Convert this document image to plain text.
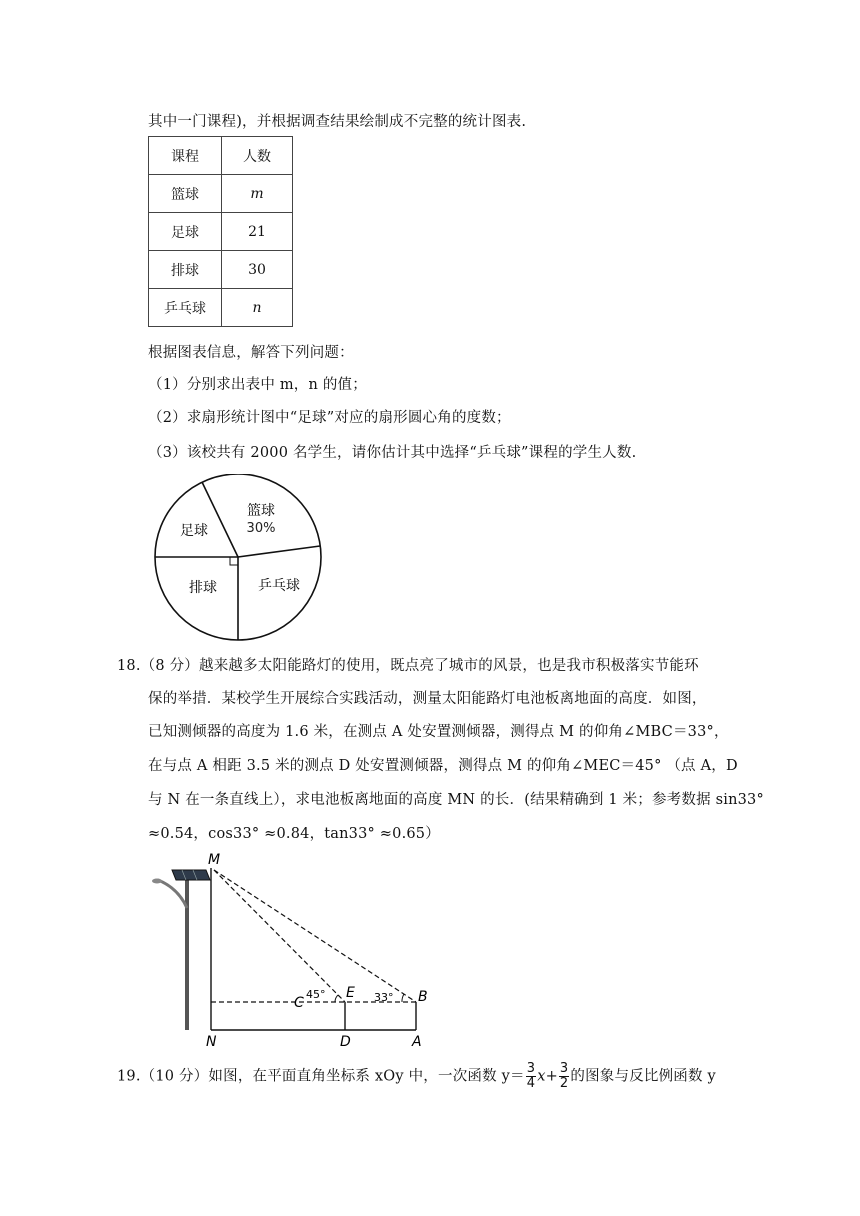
其中一门课程)，并根据调查结果绘制成不完整的统计图表.
课程	人数
篮球	m
足球	21
排球	30
乒乓球	n
根据图表信息，解答下列问题：
（1）分别求出表中 m，n 的值；
（2）求扇形统计图中“足球”对应的扇形圆心角的度数；
（3）该校共有 2000 名学生，请你估计其中选择“乒乓球”课程的学生人数.
篮球
30%
足球
排球	乒乓球
18.（8 分）越来越多太阳能路灯的使用，既点亮了城市的风景，也是我市积极落实节能环
保的举措．某校学生开展综合实践活动，测量太阳能路灯电池板离地面的高度．如图，
已知测倾器的高度为 1.6 米，在测点 A 处安置测倾器，测得点 M 的仰角∠MBC＝33°，
在与点 A 相距 3.5 米的测点 D 处安置测倾器，测得点 M 的仰角∠MEC＝45° （点 A，D
与 N 在一条直线上），求电池板离地面的高度 MN 的长．(结果精确到 1 米；参考数据 sin33°
≈0.54，cos33° ≈0.84，tan33° ≈0.65）
M
N
C
E	B
D	A
45°	33°
19.（10 分）如图，在平面直角坐标系 xOy 中，一次函数 $y= \frac{3}{4} x+ \frac{3}{2}$ 的图象与反比例函数 y
